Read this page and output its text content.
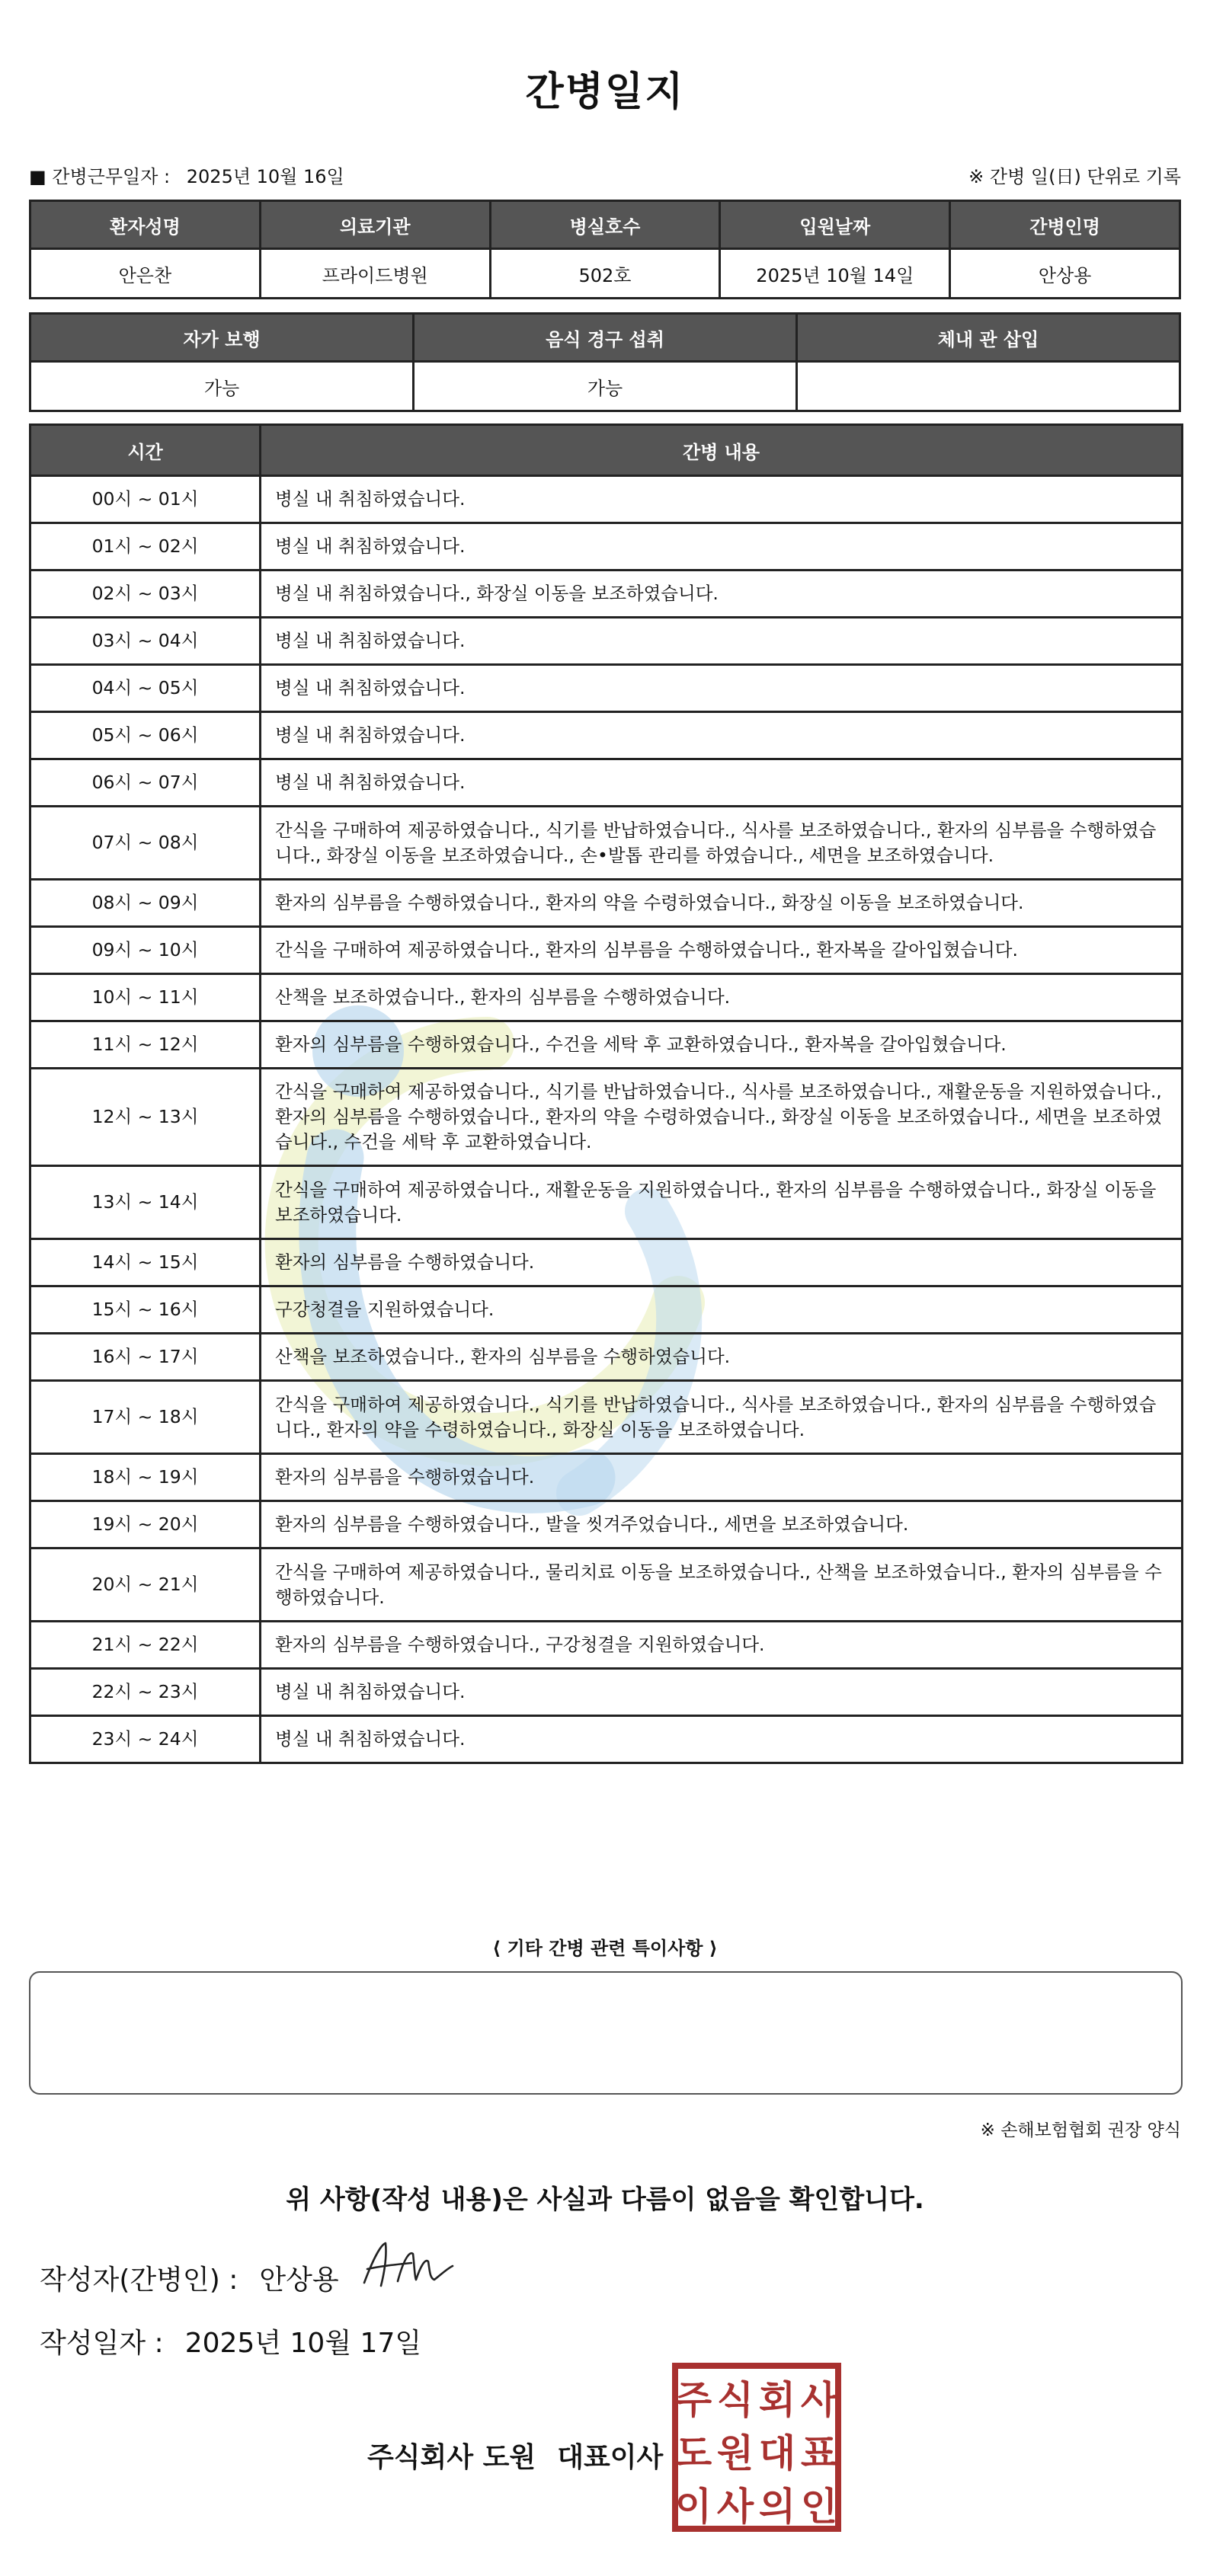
간병일지
■ 간병근무일자 : 2025년 10월 16일	※ 간병 일(日) 단위로 기록
환자성명	의료기관	병실호수	입원날짜	간병인명
안은찬	프라이드병원	502호	2025년 10월 14일	안상용
자가 보행	음식 경구 섭취	체내 관 삽입
가능	가능	
시간	간병 내용
00시 ~ 01시	병실 내 취침하였습니다.
01시 ~ 02시	병실 내 취침하였습니다.
02시 ~ 03시	병실 내 취침하였습니다., 화장실 이동을 보조하였습니다.
03시 ~ 04시	병실 내 취침하였습니다.
04시 ~ 05시	병실 내 취침하였습니다.
05시 ~ 06시	병실 내 취침하였습니다.
06시 ~ 07시	병실 내 취침하였습니다.
07시 ~ 08시	간식을 구매하여 제공하였습니다., 식기를 반납하였습니다., 식사를 보조하였습니다., 환자의 심부름을 수행하였습니다., 화장실 이동을 보조하였습니다., 손•발톱 관리를 하였습니다., 세면을 보조하였습니다.
08시 ~ 09시	환자의 심부름을 수행하였습니다., 환자의 약을 수령하였습니다., 화장실 이동을 보조하였습니다.
09시 ~ 10시	간식을 구매하여 제공하였습니다., 환자의 심부름을 수행하였습니다., 환자복을 갈아입혔습니다.
10시 ~ 11시	산책을 보조하였습니다., 환자의 심부름을 수행하였습니다.
11시 ~ 12시	환자의 심부름을 수행하였습니다., 수건을 세탁 후 교환하였습니다., 환자복을 갈아입혔습니다.
12시 ~ 13시	간식을 구매하여 제공하였습니다., 식기를 반납하였습니다., 식사를 보조하였습니다., 재활운동을 지원하였습니다., 환자의 심부름을 수행하였습니다., 환자의 약을 수령하였습니다., 화장실 이동을 보조하였습니다., 세면을 보조하였습니다., 수건을 세탁 후 교환하였습니다.
13시 ~ 14시	간식을 구매하여 제공하였습니다., 재활운동을 지원하였습니다., 환자의 심부름을 수행하였습니다., 화장실 이동을 보조하였습니다.
14시 ~ 15시	환자의 심부름을 수행하였습니다.
15시 ~ 16시	구강청결을 지원하였습니다.
16시 ~ 17시	산책을 보조하였습니다., 환자의 심부름을 수행하였습니다.
17시 ~ 18시	간식을 구매하여 제공하였습니다., 식기를 반납하였습니다., 식사를 보조하였습니다., 환자의 심부름을 수행하였습니다., 환자의 약을 수령하였습니다., 화장실 이동을 보조하였습니다.
18시 ~ 19시	환자의 심부름을 수행하였습니다.
19시 ~ 20시	환자의 심부름을 수행하였습니다., 발을 씻겨주었습니다., 세면을 보조하였습니다.
20시 ~ 21시	간식을 구매하여 제공하였습니다., 물리치료 이동을 보조하였습니다., 산책을 보조하였습니다., 환자의 심부름을 수행하였습니다.
21시 ~ 22시	환자의 심부름을 수행하였습니다., 구강청결을 지원하였습니다.
22시 ~ 23시	병실 내 취침하였습니다.
23시 ~ 24시	병실 내 취침하였습니다.
⟨ 기타 간병 관련 특이사항 ⟩
※ 손해보험협회 권장 양식
위 사항(작성 내용)은 사실과 다름이 없음을 확인합니다.
작성자(간병인) : 안상용
작성일자 : 2025년 10월 17일
주식회사 도원 대표이사
주 식 회 사
도 원 대 표
이 사 의 인
